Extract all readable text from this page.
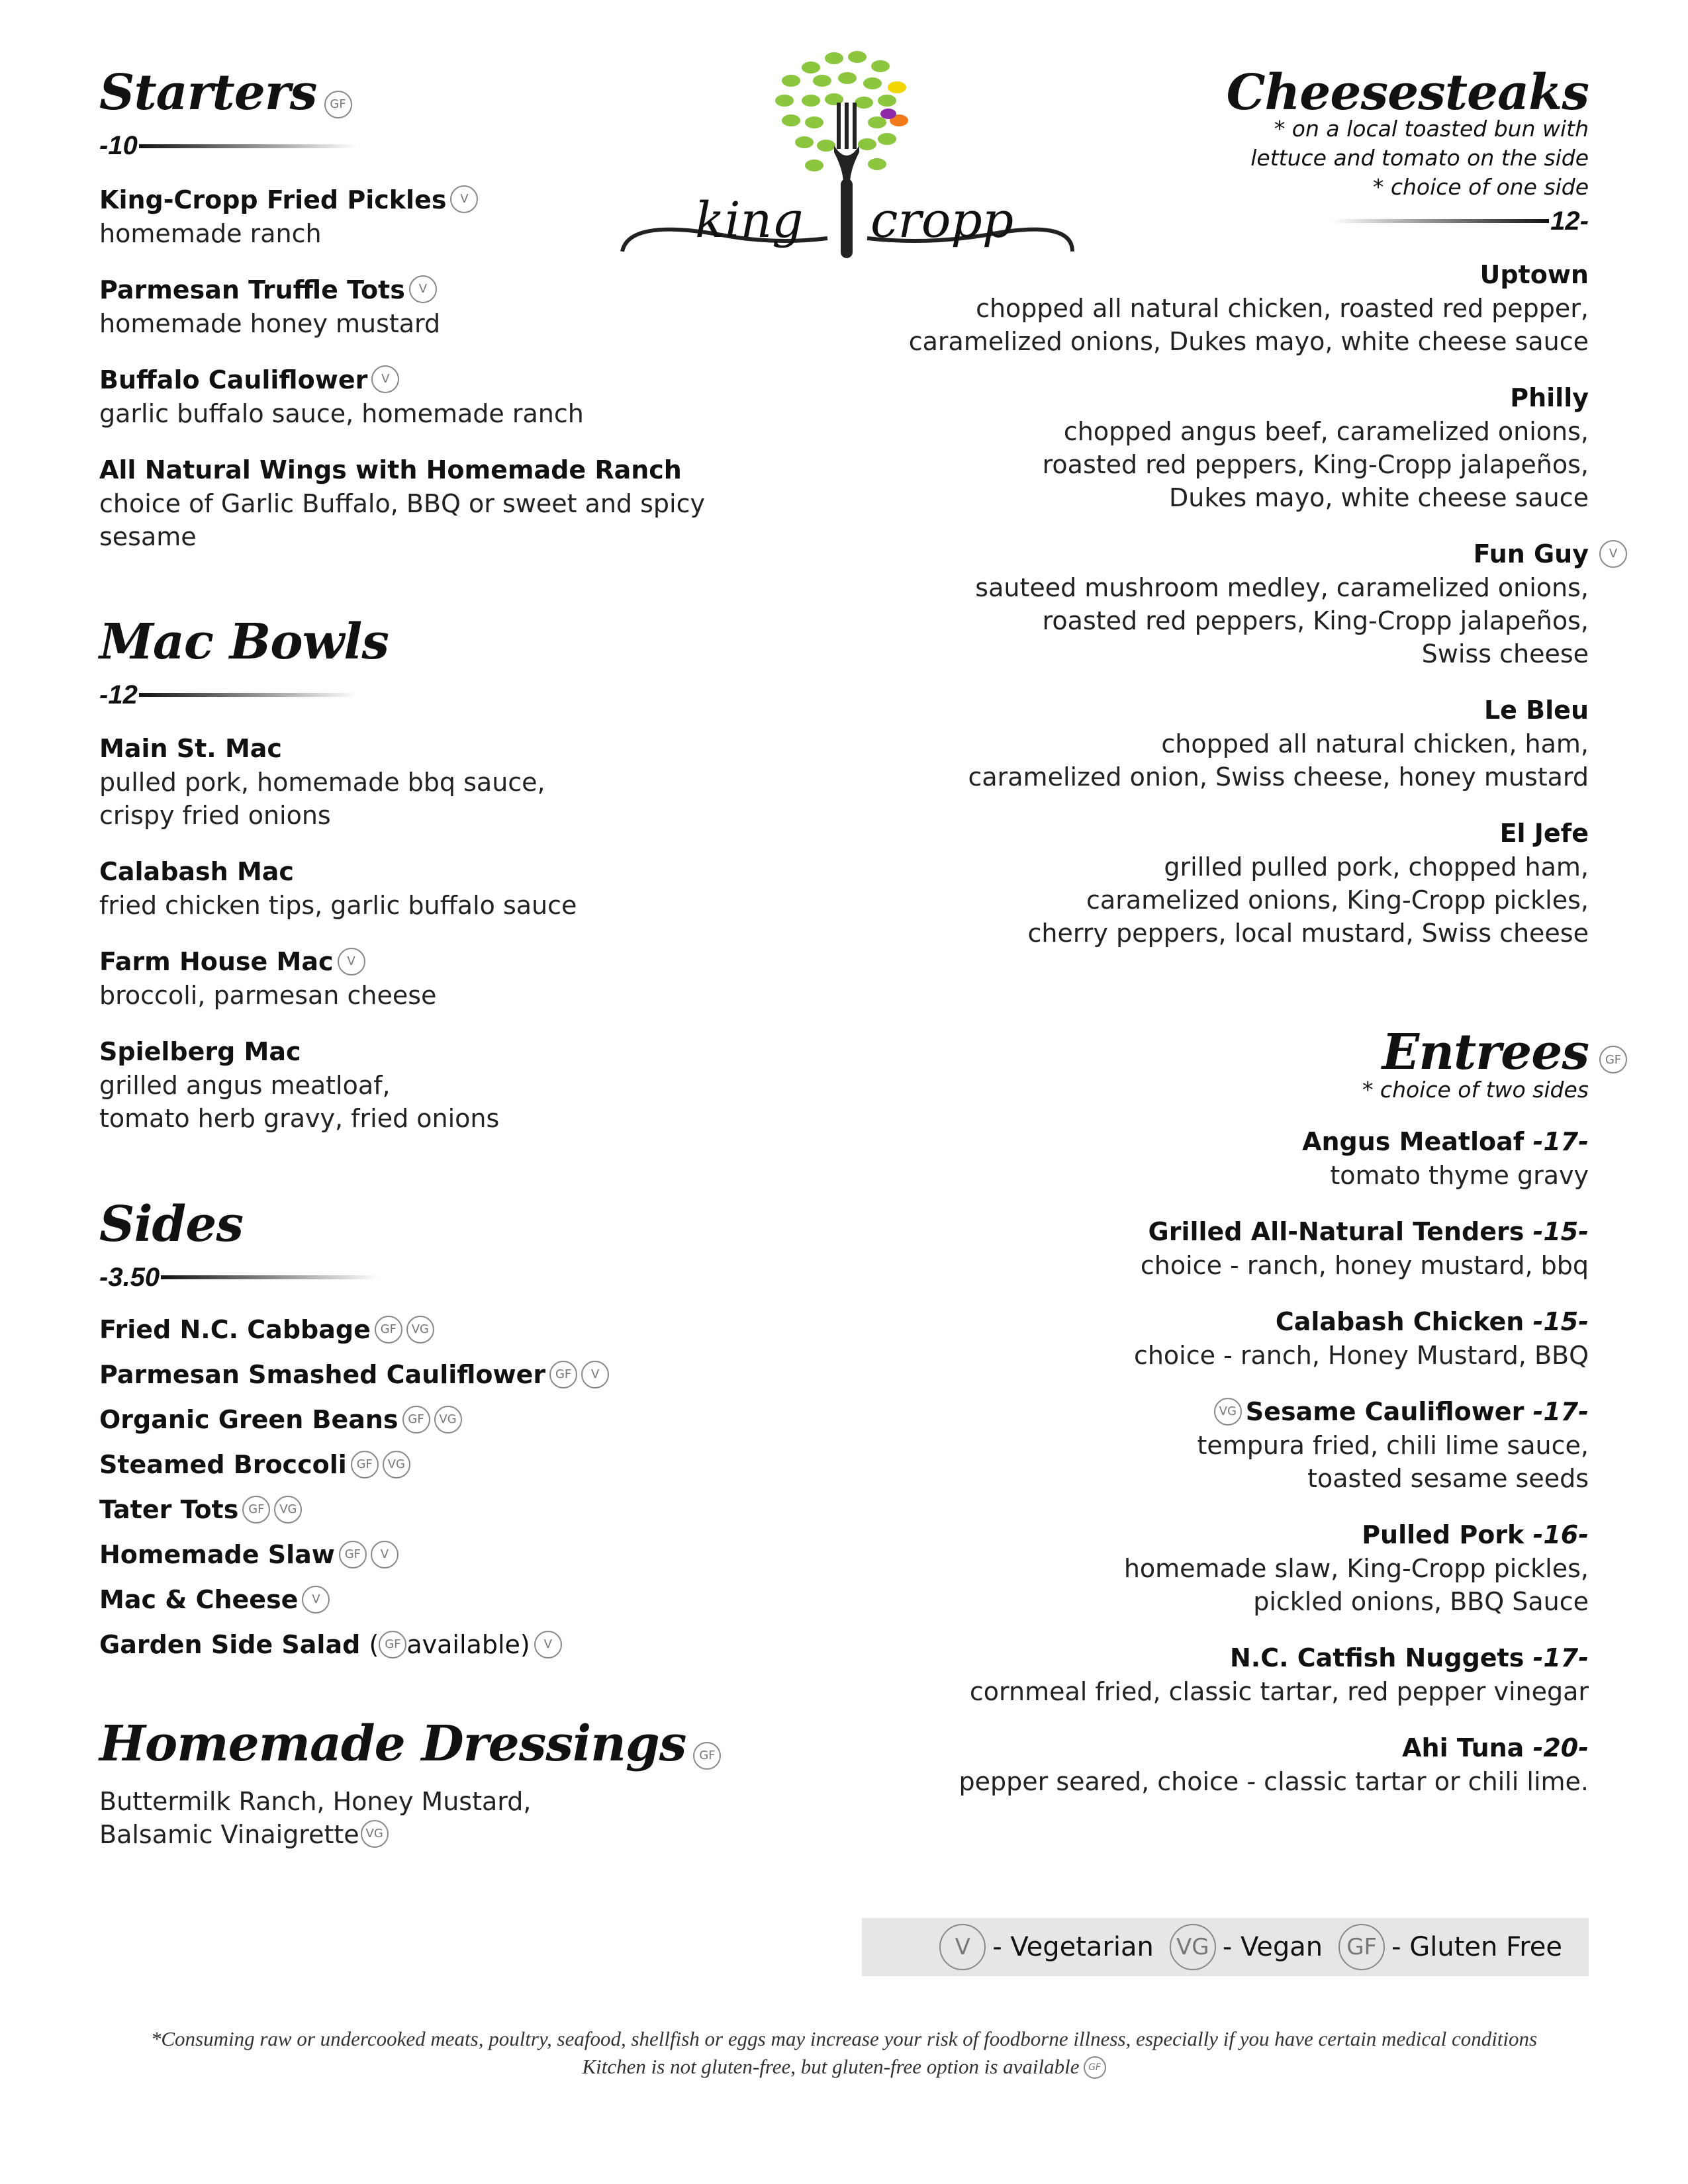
king cropp
Starters GF
-10
King-Cropp Fried Pickles V
homemade ranch
Parmesan Truffle Tots V
homemade honey mustard
Buffalo Cauliflower V
garlic buffalo sauce, homemade ranch
All Natural Wings with Homemade Ranch
choice of Garlic Buffalo, BBQ or sweet and spicy sesame
Mac Bowls
-12
Main St. Mac
pulled pork, homemade bbq sauce,
crispy fried onions
Calabash Mac
fried chicken tips, garlic buffalo sauce
Farm House Mac V
broccoli, parmesan cheese
Spielberg Mac
grilled angus meatloaf,
tomato herb gravy, fried onions
Sides
-3.50
Fried N.C. Cabbage GF VG
Parmesan Smashed Cauliflower GF V
Organic Green Beans GF VG
Steamed Broccoli GF VG
Tater Tots GF VG
Homemade Slaw GF V
Mac & Cheese V
Garden Side Salad ( GF available) V
Homemade Dressings GF
Buttermilk Ranch, Honey Mustard,
Balsamic Vinaigrette VG
Cheesesteaks
* on a local toasted bun with
lettuce and tomato on the side
* choice of one side
12-
Uptown
chopped all natural chicken, roasted red pepper,
caramelized onions, Dukes mayo, white cheese sauce
Philly
chopped angus beef, caramelized onions,
roasted red peppers, King-Cropp jalapeños,
Dukes mayo, white cheese sauce
Fun Guy	V
sauteed mushroom medley, caramelized onions,
roasted red peppers, King-Cropp jalapeños,
Swiss cheese
Le Bleu
chopped all natural chicken, ham,
caramelized onion, Swiss cheese, honey mustard
El Jefe
grilled pulled pork, chopped ham,
caramelized onions, King-Cropp pickles,
cherry peppers, local mustard, Swiss cheese
Entrees	GF
* choice of two sides
Angus Meatloaf -17-
tomato thyme gravy
Grilled All-Natural Tenders -15-
choice - ranch, honey mustard, bbq
Calabash Chicken -15-
choice - ranch, Honey Mustard, BBQ
VG Sesame Cauliflower -17-
tempura fried, chili lime sauce,
toasted sesame seeds
Pulled Pork -16-
homemade slaw, King-Cropp pickles,
pickled onions, BBQ Sauce
N.C. Catfish Nuggets -17-
cornmeal fried, classic tartar, red pepper vinegar
Ahi Tuna -20-
pepper seared, choice - classic tartar or chili lime.
V - Vegetarian VG - Vegan	GF - Gluten Free
*Consuming raw or undercooked meats, poultry, seafood, shellfish or eggs may increase your risk of foodborne illness, especially if you have certain medical conditions
Kitchen is not gluten-free, but gluten-free option is available GF
